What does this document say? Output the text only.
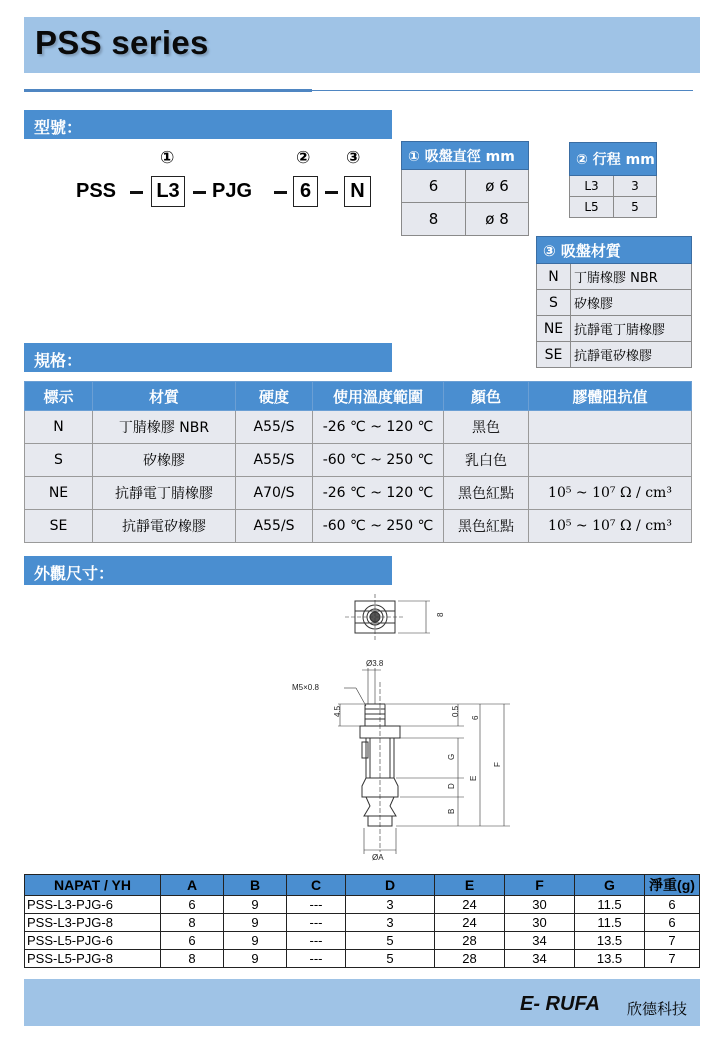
PSS series
型號：
①	② ③
PSS L3 PJG	6	N
① 吸盤直徑 mm	
6	ø 6
8	ø 8
② 行程 mm	
L3	3
L5	5
③ 吸盤材質	
N	丁腈橡膠 NBR
S	矽橡膠
NE	抗靜電丁腈橡膠
SE	抗靜電矽橡膠
規格：
標示	材質	硬度	使用溫度範圍	顏色	膠體阻抗值
N	丁腈橡膠 NBR	A55/S	-26 ℃ ~ 120 ℃	黑色	
S	矽橡膠	A55/S	-60 ℃ ~ 250 ℃	乳白色	
NE	抗靜電丁腈橡膠	A70/S	-26 ℃ ~ 120 ℃	黑色紅點	10⁵ ~ 10⁷ Ω / cm³
SE	抗靜電矽橡膠	A55/S	-60 ℃ ~ 250 ℃	黑色紅點	10⁵ ~ 10⁷ Ω / cm³
外觀尺寸：
8
M5×0.8
Ø3.8
4.5	0.5
6
G
D
B
E
F
ØA
NAPAT / YH	A	B	C	D	E	F	G	淨重(g)
PSS-L3-PJG-6	6	9	---	3	24	30	11.5	6
PSS-L3-PJG-8	8	9	---	3	24	30	11.5	6
PSS-L5-PJG-6	6	9	---	5	28	34	13.5	7
PSS-L5-PJG-8	8	9	---	5	28	34	13.5	7
E- RUFA 欣德科技
